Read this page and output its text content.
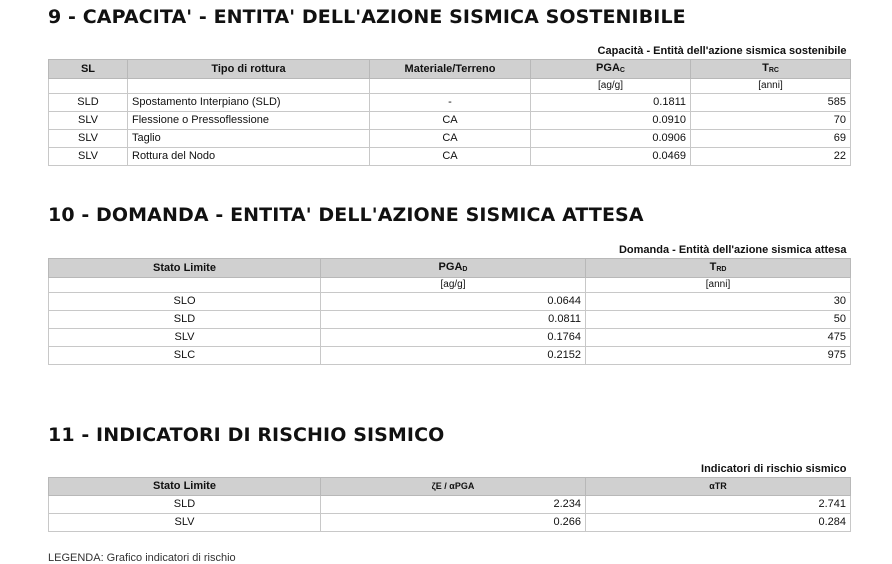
9 - CAPACITA' - ENTITA' DELL'AZIONE SISMICA SOSTENIBILE
Capacità - Entità dell'azione sismica sostenibile				
SL	Tipo di rottura	Materiale/Terreno	$PGA_C$	$T_{RC}$
			[ag/g]	[anni]
SLD	Spostamento Interpiano (SLD)	-	0.1811	585
SLV	Flessione o Pressoflessione	CA	0.0910	70
SLV	Taglio	CA	0.0906	69
SLV	Rottura del Nodo	CA	0.0469	22
10 - DOMANDA - ENTITA' DELL'AZIONE SISMICA ATTESA
Domanda - Entità dell'azione sismica attesa		
Stato Limite	$PGA_D$	$T_{RD}$
	[ag/g]	[anni]
SLO	0.0644	30
SLD	0.0811	50
SLV	0.1764	475
SLC	0.2152	975
11 - INDICATORI DI RISCHIO SISMICO
Indicatori di rischio sismico		
Stato Limite	ζE / αPGA	αTR
SLD	2.234	2.741
SLV	0.266	0.284
LEGENDA: Grafico indicatori di rischio
